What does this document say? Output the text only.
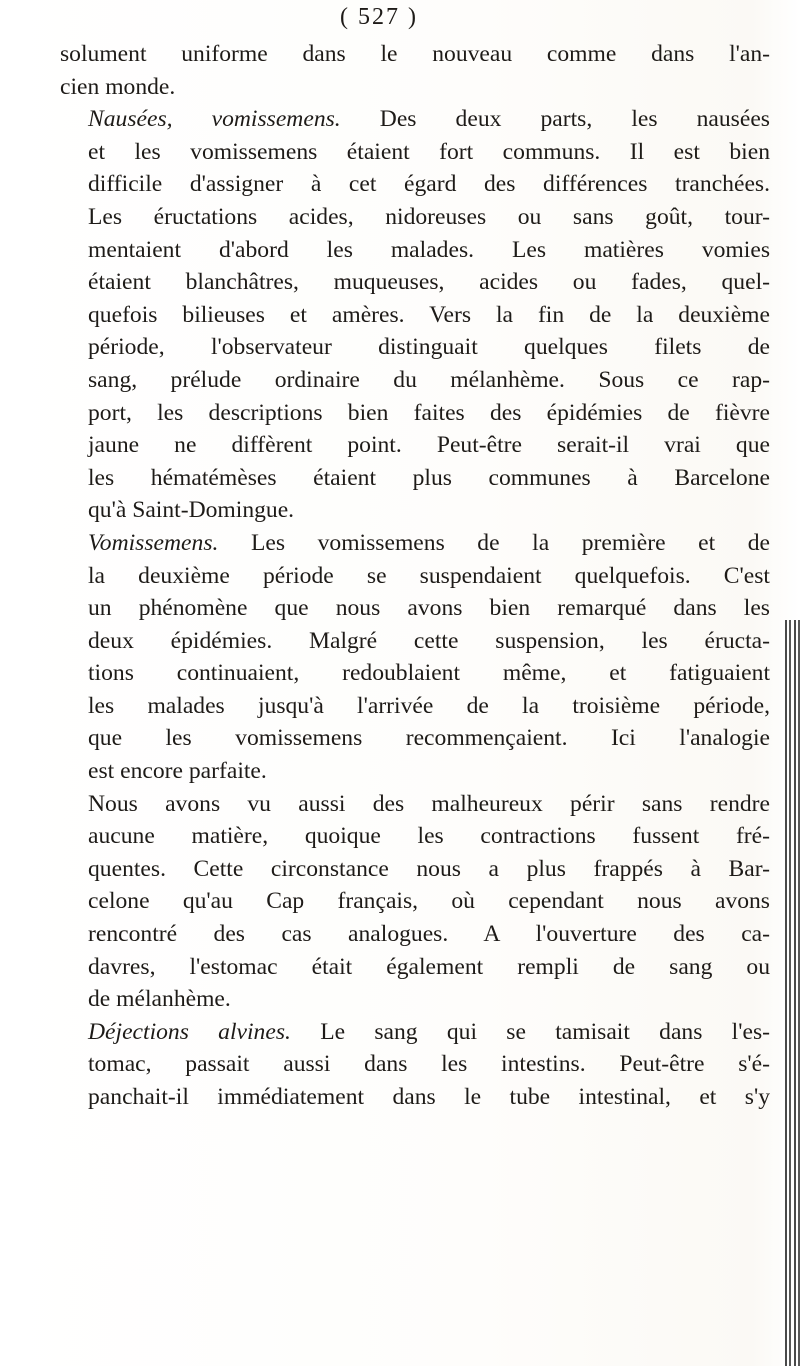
( 527 )

solument uniforme dans le nouveau comme dans l'an-
cien monde.

Nausées, vomissemens. Des deux parts, les nausées
et les vomissemens étaient fort communs. Il est bien
difficile d'assigner à cet égard des différences tranchées.
Les éructations acides, nidoreuses ou sans goût, tour-
mentaient d'abord les malades. Les matières vomies
étaient blanchâtres, muqueuses, acides ou fades, quel-
quefois bilieuses et amères. Vers la fin de la deuxième
période, l'observateur distinguait quelques filets de
sang, prélude ordinaire du mélanhème. Sous ce rap-
port, les descriptions bien faites des épidémies de fièvre
jaune ne diffèrent point. Peut-être serait-il vrai que
les hématémèses étaient plus communes à Barcelone
qu'à Saint-Domingue.

Vomissemens. Les vomissemens de la première et de
la deuxième période se suspendaient quelquefois. C'est
un phénomène que nous avons bien remarqué dans les
deux épidémies. Malgré cette suspension, les éructa-
tions continuaient, redoublaient même, et fatiguaient
les malades jusqu'à l'arrivée de la troisième période,
que les vomissemens recommençaient. Ici l'analogie
est encore parfaite.

Nous avons vu aussi des malheureux périr sans rendre
aucune matière, quoique les contractions fussent fré-
quentes. Cette circonstance nous a plus frappés à Bar-
celone qu'au Cap français, où cependant nous avons
rencontré des cas analogues. A l'ouverture des ca-
davres, l'estomac était également rempli de sang ou
de mélanhème.

Déjections alvines. Le sang qui se tamisait dans l'es-
tomac, passait aussi dans les intestins. Peut-être s'é-
panchait-il immédiatement dans le tube intestinal, et s'y
